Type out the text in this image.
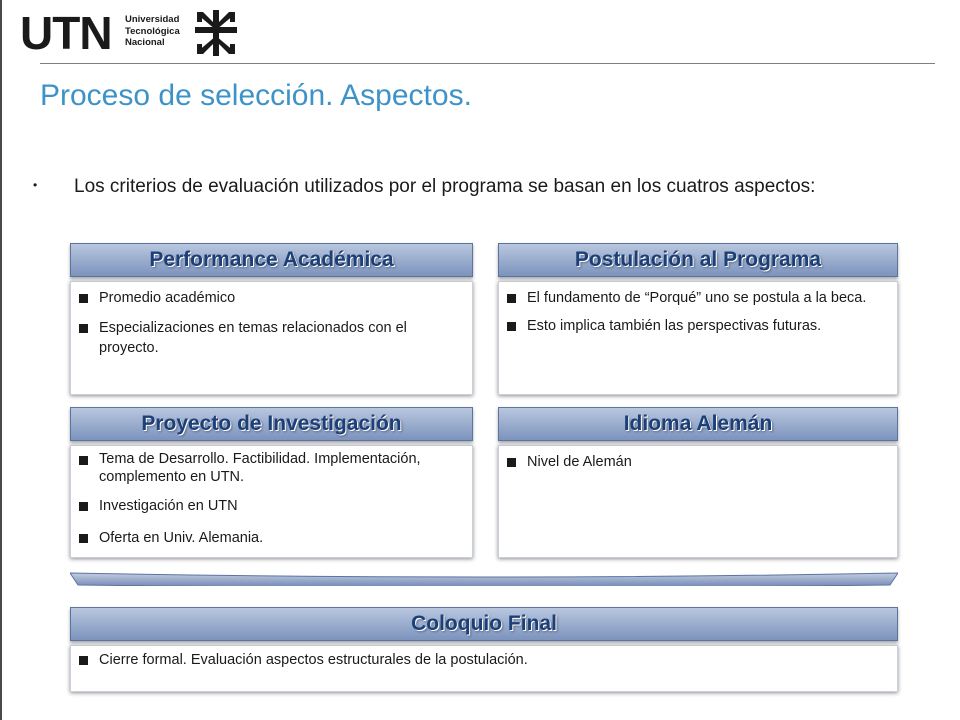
UTN Universidad
Tecnológica
Nacional
Proceso de selección. Aspectos.
• Los criterios de evaluación utilizados por el programa se basan en los cuatros aspectos:
Promedio académico
Especializaciones en temas relacionados con el proyecto.
Performance Académica
El fundamento de “Porqué” uno se postula a la beca.
Esto implica también las perspectivas futuras.
Postulación al Programa
Tema de Desarrollo. Factibilidad. Implementación, complemento en UTN.
Investigación en UTN
Oferta en Univ. Alemania.
Proyecto de Investigación
Nivel de Alemán
Idioma Alemán
Cierre formal. Evaluación aspectos estructurales de la postulación.
Coloquio Final
